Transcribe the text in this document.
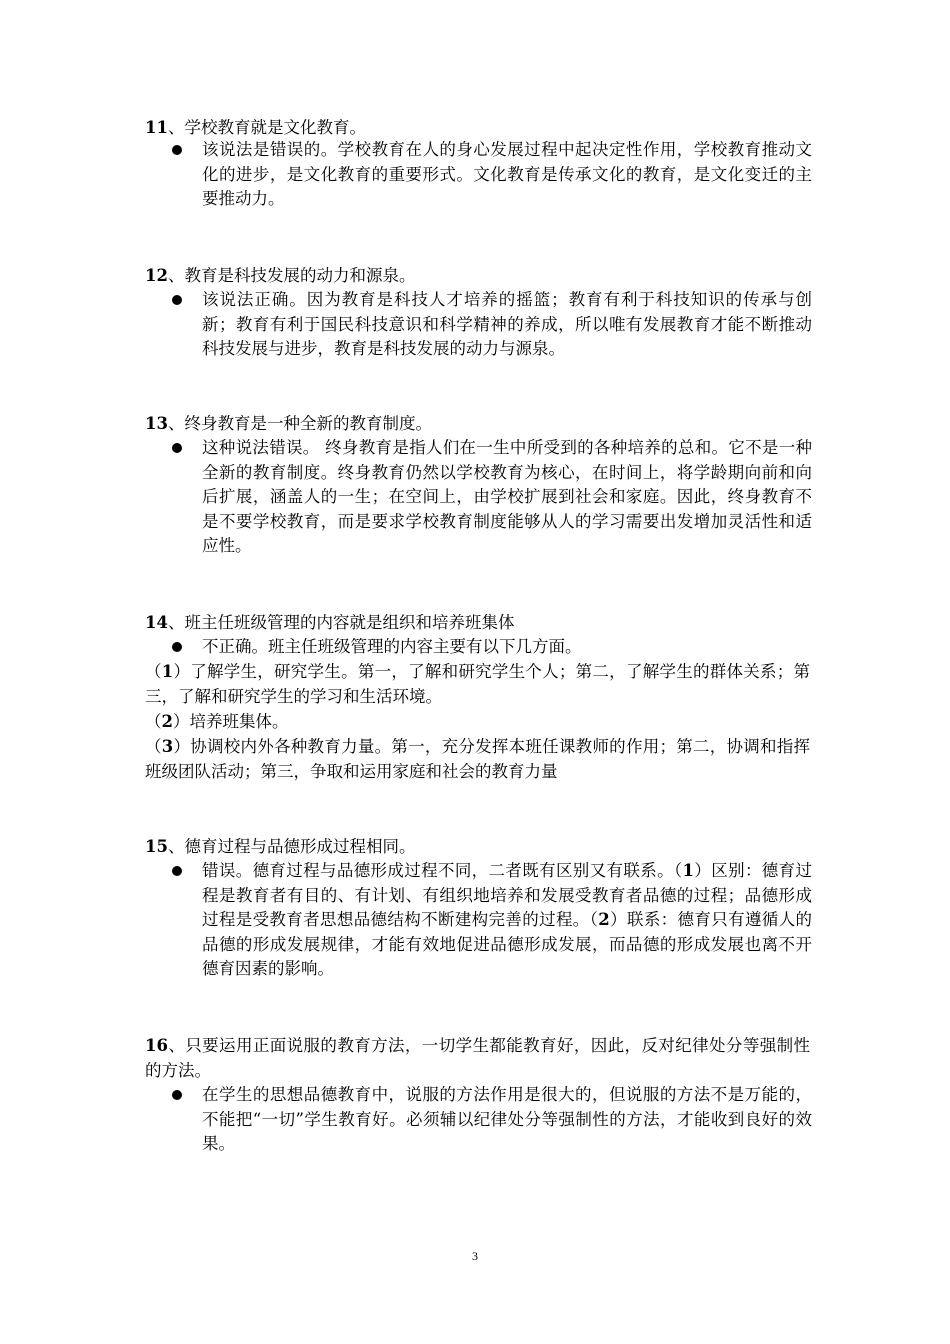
11、学校教育就是文化教育。

该说法是错误的。学校教育在人的身心发展过程中起决定性作用，学校教育推动文化的进步，是文化教育的重要形式。文化教育是传承文化的教育，是文化变迁的主要推动力。

12、教育是科技发展的动力和源泉。

该说法正确。因为教育是科技人才培养的摇篮；教育有利于科技知识的传承与创新；教育有利于国民科技意识和科学精神的养成，所以唯有发展教育才能不断推动科技发展与进步，教育是科技发展的动力与源泉。

13、终身教育是一种全新的教育制度。

这种说法错误。 终身教育是指人们在一生中所受到的各种培养的总和。它不是一种全新的教育制度。终身教育仍然以学校教育为核心，在时间上，将学龄期向前和向后扩展，涵盖人的一生；在空间上，由学校扩展到社会和家庭。因此，终身教育不是不要学校教育，而是要求学校教育制度能够从人的学习需要出发增加灵活性和适应性。

14、班主任班级管理的内容就是组织和培养班集体

不正确。班主任班级管理的内容主要有以下几方面。

（1）了解学生，研究学生。第一，了解和研究学生个人；第二，了解学生的群体关系；第三，了解和研究学生的学习和生活环境。

（2）培养班集体。

（3）协调校内外各种教育力量。第一，充分发挥本班任课教师的作用；第二，协调和指挥班级团队活动；第三，争取和运用家庭和社会的教育力量

15、德育过程与品德形成过程相同。

错误。德育过程与品德形成过程不同，二者既有区别又有联系。（1）区别：德育过程是教育者有目的、有计划、有组织地培养和发展受教育者品德的过程；品德形成过程是受教育者思想品德结构不断建构完善的过程。（2）联系：德育只有遵循人的品德的形成发展规律，才能有效地促进品德形成发展，而品德的形成发展也离不开德育因素的影响。

16、只要运用正面说服的教育方法，一切学生都能教育好，因此，反对纪律处分等强制性的方法。

在学生的思想品德教育中，说服的方法作用是很大的，但说服的方法不是万能的，不能把“一切”学生教育好。必须辅以纪律处分等强制性的方法，才能收到良好的效果。

3
